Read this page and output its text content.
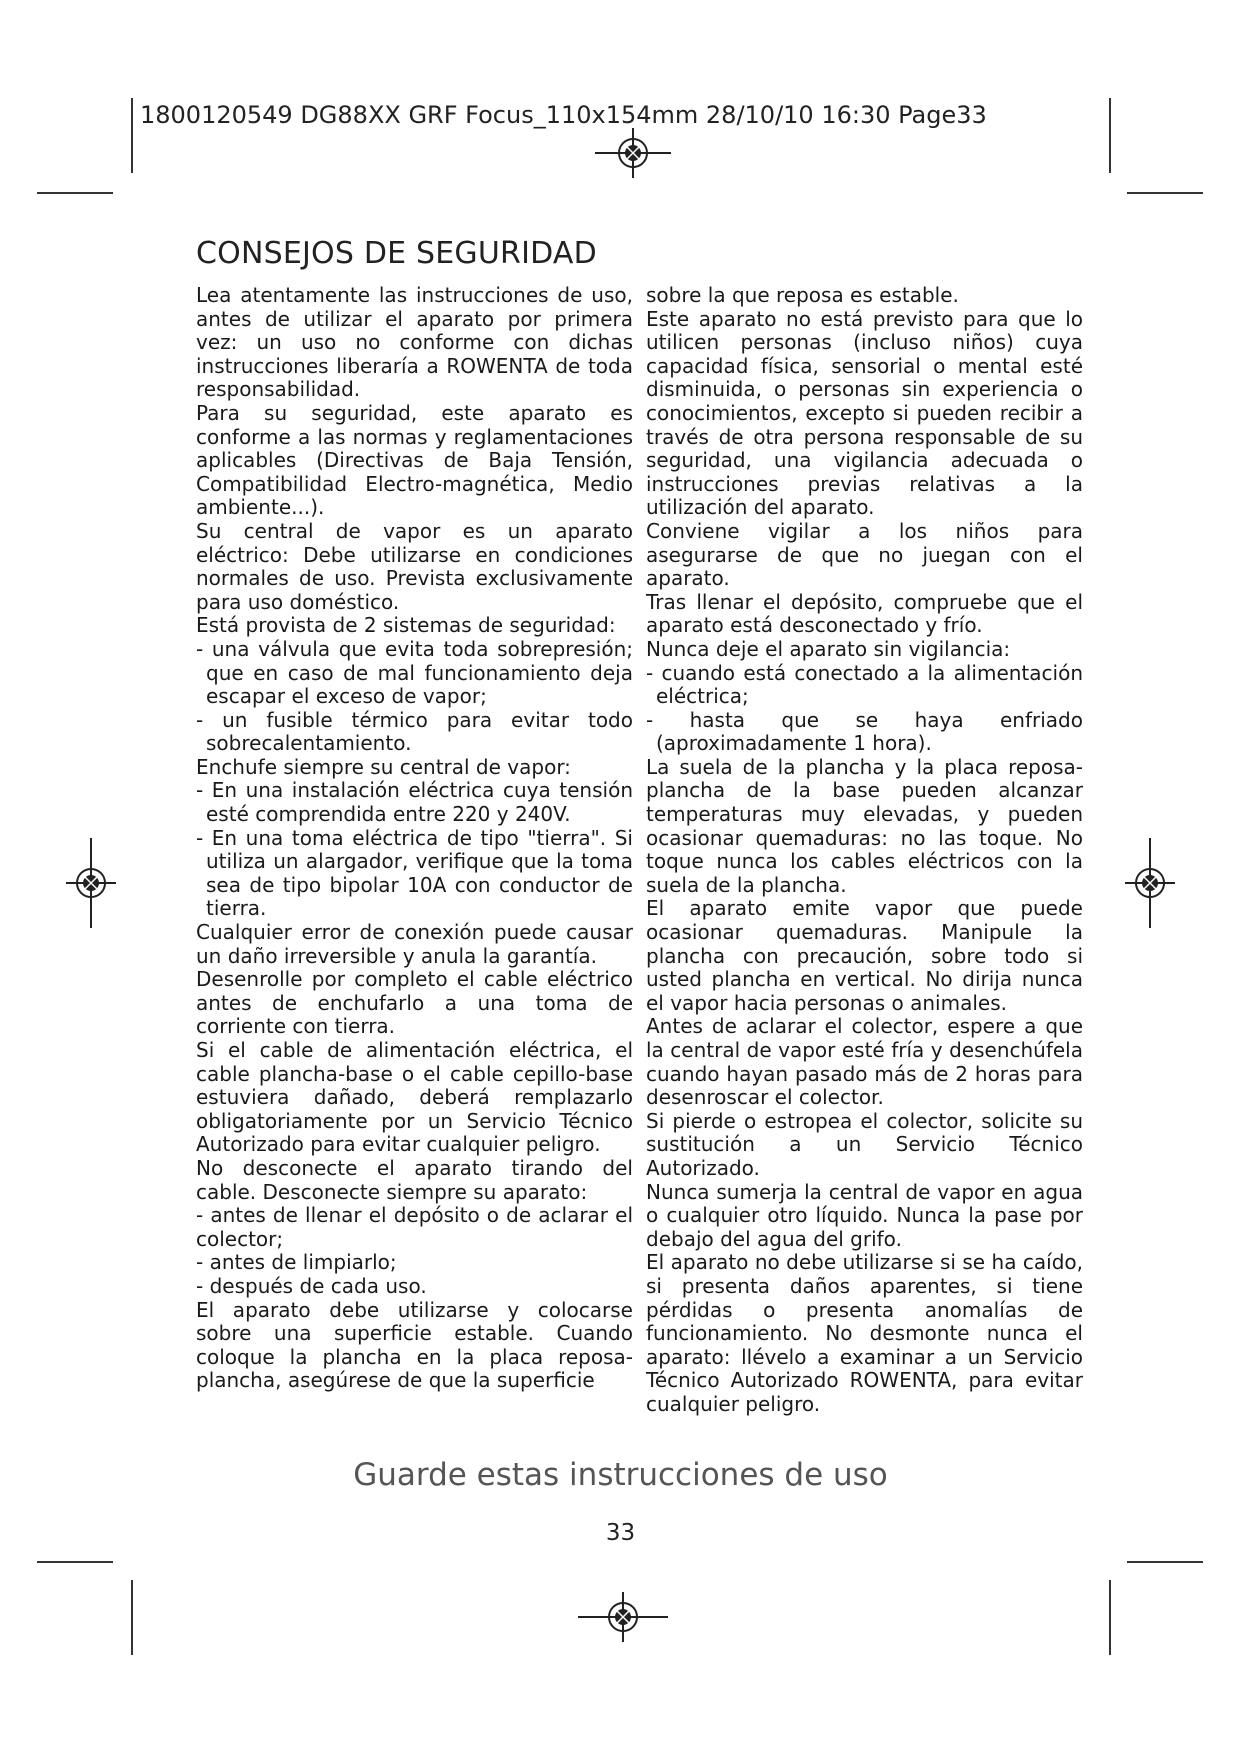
1800120549 DG88XX GRF Focus_110x154mm 28/10/10 16:30 Page33
CONSEJOS DE SEGURIDAD

Lea atentamente las instrucciones de uso, antes de utilizar el aparato por primera vez: un uso no conforme con dichas instrucciones liberaría a ROWENTA de toda responsabilidad.

Para su seguridad, este aparato es conforme a las normas y reglamentaciones aplicables (Directivas de Baja Tensión, Compatibilidad Electro-magnética, Medio ambiente...).

Su central de vapor es un aparato eléctrico: Debe utilizarse en condiciones normales de uso. Prevista exclusivamente para uso doméstico.

Está provista de 2 sistemas de seguridad:

- una válvula que evita toda sobrepresión; que en caso de mal funcionamiento deja escapar el exceso de vapor;

- un fusible térmico para evitar todo sobrecalentamiento.

Enchufe siempre su central de vapor:

- En una instalación eléctrica cuya tensión esté comprendida entre 220 y 240V.

- En una toma eléctrica de tipo "tierra". Si utiliza un alargador, verifique que la toma sea de tipo bipolar 10A con conductor de tierra.

Cualquier error de conexión puede causar un daño irreversible y anula la garantía.

Desenrolle por completo el cable eléctrico antes de enchufarlo a una toma de corriente con tierra.

Si el cable de alimentación eléctrica, el cable plancha-base o el cable cepillo-base estuviera dañado, deberá remplazarlo obligatoriamente por un Servicio Técnico Autorizado para evitar cualquier peligro.

No desconecte el aparato tirando del cable. Desconecte siempre su aparato:

- antes de llenar el depósito o de aclarar el colector;

- antes de limpiarlo;

- después de cada uso.

El aparato debe utilizarse y colocarse sobre una superficie estable. Cuando coloque la plancha en la placa reposa-plancha, asegúrese de que la superficie

sobre la que reposa es estable.

Este aparato no está previsto para que lo utilicen personas (incluso niños) cuya capacidad física, sensorial o mental esté disminuida, o personas sin experiencia o conocimientos, excepto si pueden recibir a través de otra persona responsable de su seguridad, una vigilancia adecuada o instrucciones previas relativas a la utilización del aparato.

Conviene vigilar a los niños para asegurarse de que no juegan con el aparato.

Tras llenar el depósito, compruebe que el aparato está desconectado y frío.

Nunca deje el aparato sin vigilancia:

- cuando está conectado a la alimentación eléctrica;

- hasta que se haya enfriado (aproximadamente 1 hora).

La suela de la plancha y la placa reposa-plancha de la base pueden alcanzar temperaturas muy elevadas, y pueden ocasionar quemaduras: no las toque. No toque nunca los cables eléctricos con la suela de la plancha.

El aparato emite vapor que puede ocasionar quemaduras. Manipule la plancha con precaución, sobre todo si usted plancha en vertical. No dirija nunca el vapor hacia personas o animales.

Antes de aclarar el colector, espere a que la central de vapor esté fría y desenchúfela cuando hayan pasado más de 2 horas para desenroscar el colector.

Si pierde o estropea el colector, solicite su sustitución a un Servicio Técnico Autorizado.

Nunca sumerja la central de vapor en agua o cualquier otro líquido. Nunca la pase por debajo del agua del grifo.

El aparato no debe utilizarse si se ha caído, si presenta daños aparentes, si tiene pérdidas o presenta anomalías de funcionamiento. No desmonte nunca el aparato: llévelo a examinar a un Servicio Técnico Autorizado ROWENTA, para evitar cualquier peligro.

Guarde estas instrucciones de uso
33
